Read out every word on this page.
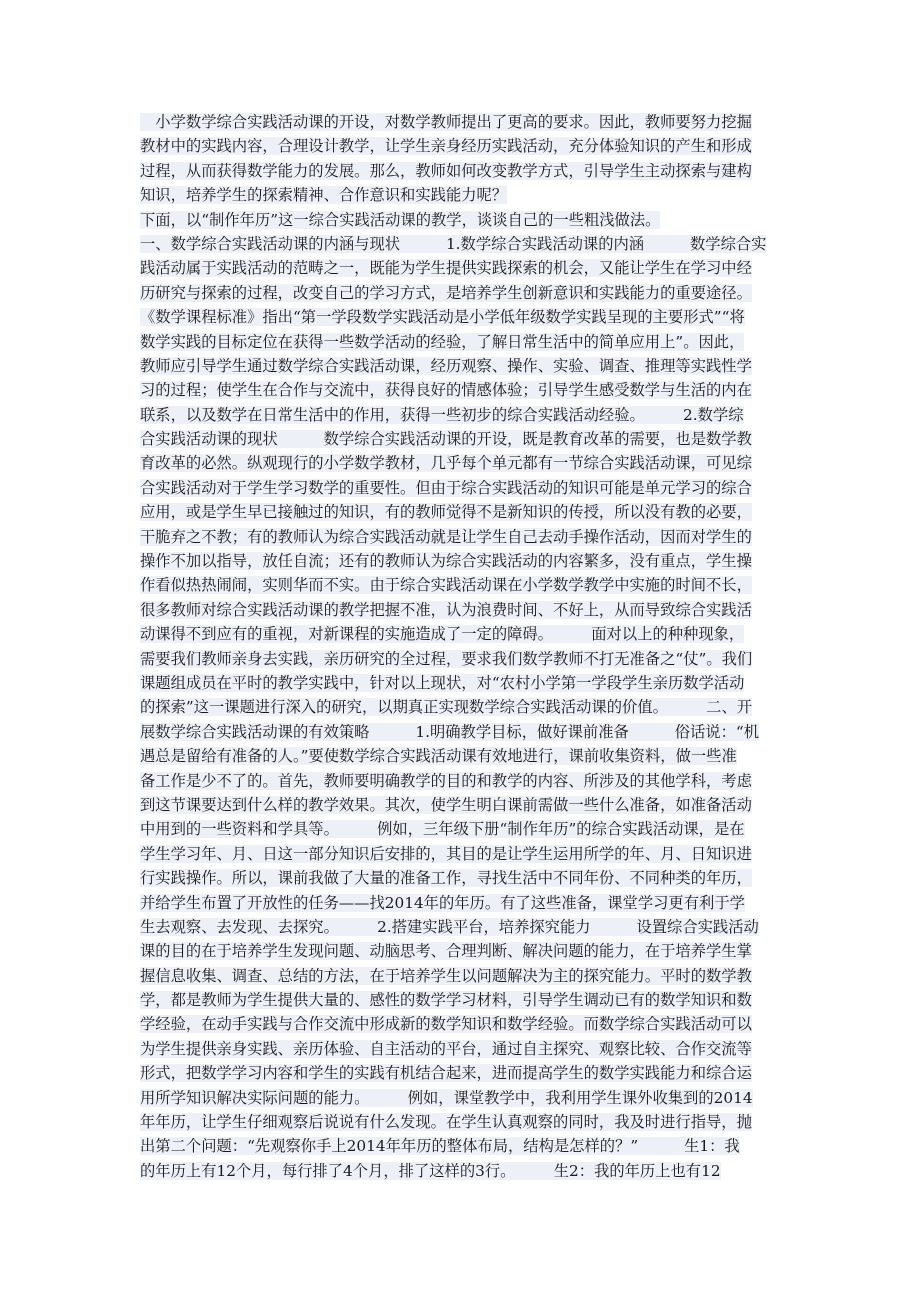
　小学数学综合实践活动课的开设，对数学教师提出了更高的要求。因此，教师要努力挖掘
教材中的实践内容，合理设计教学，让学生亲身经历实践活动，充分体验知识的产生和形成
过程，从而获得数学能力的发展。那么，教师如何改变教学方式，引导学生主动探索与建构
知识，培养学生的探索精神、合作意识和实践能力呢？
下面，以“制作年历”这一综合实践活动课的教学，谈谈自己的一些粗浅做法。
一、数学综合实践活动课的内涵与现状　　　1.数学综合实践活动课的内涵　　　数学综合实
践活动属于实践活动的范畴之一，既能为学生提供实践探索的机会，又能让学生在学习中经
历研究与探索的过程，改变自己的学习方式，是培养学生创新意识和实践能力的重要途径。
《数学课程标准》指出“第一学段数学实践活动是小学低年级数学实践呈现的主要形式”“将
数学实践的目标定位在获得一些数学活动的经验，了解日常生活中的简单应用上”。因此，
教师应引导学生通过数学综合实践活动课，经历观察、操作、实验、调查、推理等实践性学
习的过程；使学生在合作与交流中，获得良好的情感体验；引导学生感受数学与生活的内在
联系，以及数学在日常生活中的作用，获得一些初步的综合实践活动经验。　　　2.数学综
合实践活动课的现状　　　数学综合实践活动课的开设，既是教育改革的需要，也是数学教
育改革的必然。纵观现行的小学数学教材，几乎每个单元都有一节综合实践活动课，可见综
合实践活动对于学生学习数学的重要性。但由于综合实践活动的知识可能是单元学习的综合
应用，或是学生早已接触过的知识，有的教师觉得不是新知识的传授，所以没有教的必要，
干脆弃之不教；有的教师认为综合实践活动就是让学生自己去动手操作活动，因而对学生的
操作不加以指导，放任自流；还有的教师认为综合实践活动的内容繁多，没有重点，学生操
作看似热热闹闹，实则华而不实。由于综合实践活动课在小学数学教学中实施的时间不长，
很多教师对综合实践活动课的教学把握不准，认为浪费时间、不好上，从而导致综合实践活
动课得不到应有的重视，对新课程的实施造成了一定的障碍。　　　面对以上的种种现象，
需要我们教师亲身去实践，亲历研究的全过程，要求我们数学教师不打无准备之“仗”。我们
课题组成员在平时的教学实践中，针对以上现状，对“农村小学第一学段学生亲历数学活动
的探索”这一课题进行深入的研究，以期真正实现数学综合实践活动课的价值。　　　二、开
展数学综合实践活动课的有效策略　　　1.明确教学目标，做好课前准备　　　俗话说：“机
遇总是留给有准备的人。”要使数学综合实践活动课有效地进行，课前收集资料，做一些准
备工作是少不了的。首先，教师要明确教学的目的和教学的内容、所涉及的其他学科，考虑
到这节课要达到什么样的教学效果。其次，使学生明白课前需做一些什么准备，如准备活动
中用到的一些资料和学具等。　　　例如，三年级下册“制作年历”的综合实践活动课，是在
学生学习年、月、日这一部分知识后安排的，其目的是让学生运用所学的年、月、日知识进
行实践操作。所以，课前我做了大量的准备工作，寻找生活中不同年份、不同种类的年历，
并给学生布置了开放性的任务——找2014年的年历。有了这些准备，课堂学习更有利于学
生去观察、去发现、去探究。　　　2.搭建实践平台，培养探究能力　　　设置综合实践活动
课的目的在于培养学生发现问题、动脑思考、合理判断、解决问题的能力，在于培养学生掌
握信息收集、调查、总结的方法，在于培养学生以问题解决为主的探究能力。平时的数学教
学，都是教师为学生提供大量的、感性的数学学习材料，引导学生调动已有的数学知识和数
学经验，在动手实践与合作交流中形成新的数学知识和数学经验。而数学综合实践活动可以
为学生提供亲身实践、亲历体验、自主活动的平台，通过自主探究、观察比较、合作交流等
形式，把数学学习内容和学生的实践有机结合起来，进而提高学生的数学实践能力和综合运
用所学知识解决实际问题的能力。　　　例如，课堂教学中，我利用学生课外收集到的2014
年年历，让学生仔细观察后说说有什么发现。在学生认真观察的同时，我及时进行指导，抛
出第二个问题：“先观察你手上2014年年历的整体布局，结构是怎样的？”　　　生1：我
的年历上有12个月，每行排了4个月，排了这样的3行。　　　生2：我的年历上也有12
